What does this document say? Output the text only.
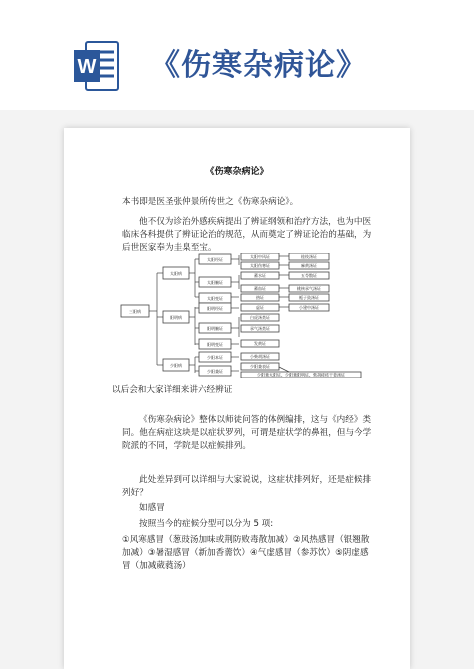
W 《伤寒杂病论》
《伤寒杂病论》
本书即是医圣张仲景所传世之《伤寒杂病论》。
他不仅为诊治外感疾病提出了辨证纲领和治疗方法，也为中医临床各科提供了辨证论治的规范，从而奠定了辨证论治的基础，为后世医家奉为圭臬至宝。
三阳病
太阳病
阳明病
少阳病
太阳经证
太阳腑证
太阳变证
阳明经证
阳明腑证
阳明变证
少阳本证
少阳兼证
太阳中风证
太阳伤寒证
蓄水证
蓄血证
热证
虚证
白虎汤类证
承气汤类证
发黄证
小柴胡汤证
少阳兼表证
桂枝汤证
麻黄汤证
五苓散证
桃核承气汤证
栀子豉汤证
小建中汤证
少阳兼太阳证、少阳兼阳明证、柴胡桂枝干姜汤证
以后会和大家详细来讲六经辨证
《伤寒杂病论》整体以师徒问答的体例编排，这与《内经》类同。他在病症这块是以症状罗列，可谓是症状学的鼻祖，但与今学院派的不同，学院是以症候排列。
此处差异到可以详细与大家说说，这症状排列好，还是症候排列好？
如感冒
按照当今的症候分型可以分为 5 项:
①风寒感冒（葱豉汤加味或荆防败毒散加减）②风热感冒（银翘散加减）③暑湿感冒（新加香薷饮）④气虚感冒（参苏饮）⑤阴虚感冒（加减葳蕤汤）
